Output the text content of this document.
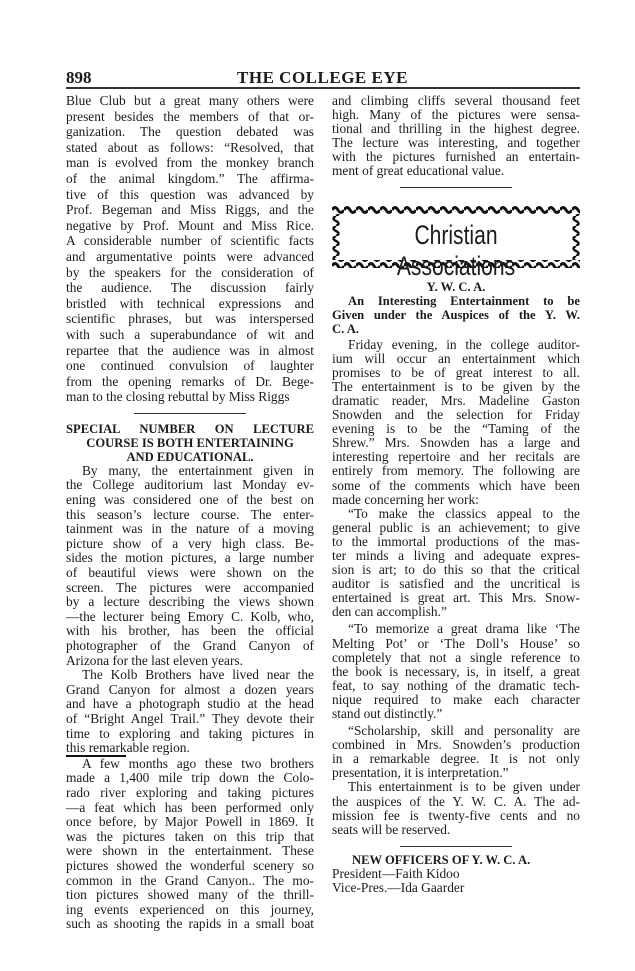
898	THE COLLEGE EYE
Blue Club but a great many others were
present besides the members of that or-
ganization. The question debated was
stated about as follows: “Resolved, that
man is evolved from the monkey branch
of the animal kingdom.” The affirma-
tive of this question was advanced by
Prof. Begeman and Miss Riggs, and the
negative by Prof. Mount and Miss Rice.
A considerable number of scientific facts
and argumentative points were advanced
by the speakers for the consideration of
the audience. The discussion fairly
bristled with technical expressions and
scientific phrases, but was interspersed
with such a superabundance of wit and
repartee that the audience was in almost
one continued convulsion of laughter
from the opening remarks of Dr. Bege-
man to the closing rebuttal by Miss Riggs
SPECIAL NUMBER ON LECTURE
COURSE IS BOTH ENTERTAINING
AND EDUCATIONAL.
By many, the entertainment given in
the College auditorium last Monday ev-
ening was considered one of the best on
this season’s lecture course. The enter-
tainment was in the nature of a moving
picture show of a very high class. Be-
sides the motion pictures, a large number
of beautiful views were shown on the
screen. The pictures were accompanied
by a lecture describing the views shown
—the lecturer being Emory C. Kolb, who,
with his brother, has been the official
photographer of the Grand Canyon of
Arizona for the last eleven years.
The Kolb Brothers have lived near the
Grand Canyon for almost a dozen years
and have a photograph studio at the head
of “Bright Angel Trail.” They devote their
time to exploring and taking pictures in
this remarkable region.
A few months ago these two brothers
made a 1,400 mile trip down the Colo-
rado river exploring and taking pictures
—a feat which has been performed only
once before, by Major Powell in 1869. It
was the pictures taken on this trip that
were shown in the entertainment. These
pictures showed the wonderful scenery so
common in the Grand Canyon.. The mo-
tion pictures showed many of the thrill-
ing events experienced on this journey,
such as shooting the rapids in a small boat
and climbing cliffs several thousand feet
high. Many of the pictures were sensa-
tional and thrilling in the highest degree.
The lecture was interesting, and together
with the pictures furnished an entertain-
ment of great educational value.
Christian Associations
Y. W. C. A.
An Interesting Entertainment to be
Given under the Auspices of the Y. W.
C. A.
Friday evening, in the college auditor-
ium will occur an entertainment which
promises to be of great interest to all.
The entertainment is to be given by the
dramatic reader, Mrs. Madeline Gaston
Snowden and the selection for Friday
evening is to be the “Taming of the
Shrew.” Mrs. Snowden has a large and
interesting repertoire and her recitals are
entirely from memory. The following are
some of the comments which have been
made concerning her work:
“To make the classics appeal to the
general public is an achievement; to give
to the immortal productions of the mas-
ter minds a living and adequate expres-
sion is art; to do this so that the critical
auditor is satisfied and the uncritical is
entertained is great art. This Mrs. Snow-
den can accomplish.”
“To memorize a great drama like ‘The
Melting Pot’ or ‘The Doll’s House’ so
completely that not a single reference to
the book is necessary, is, in itself, a great
feat, to say nothing of the dramatic tech-
nique required to make each character
stand out distinctly.”
“Scholarship, skill and personality are
combined in Mrs. Snowden’s production
in a remarkable degree. It is not only
presentation, it is interpretation.”
This entertainment is to be given under
the auspices of the Y. W. C. A. The ad-
mission fee is twenty-five cents and no
seats will be reserved.
NEW OFFICERS OF Y. W. C. A.
President—Faith Kidoo
Vice-Pres.—Ida Gaarder
